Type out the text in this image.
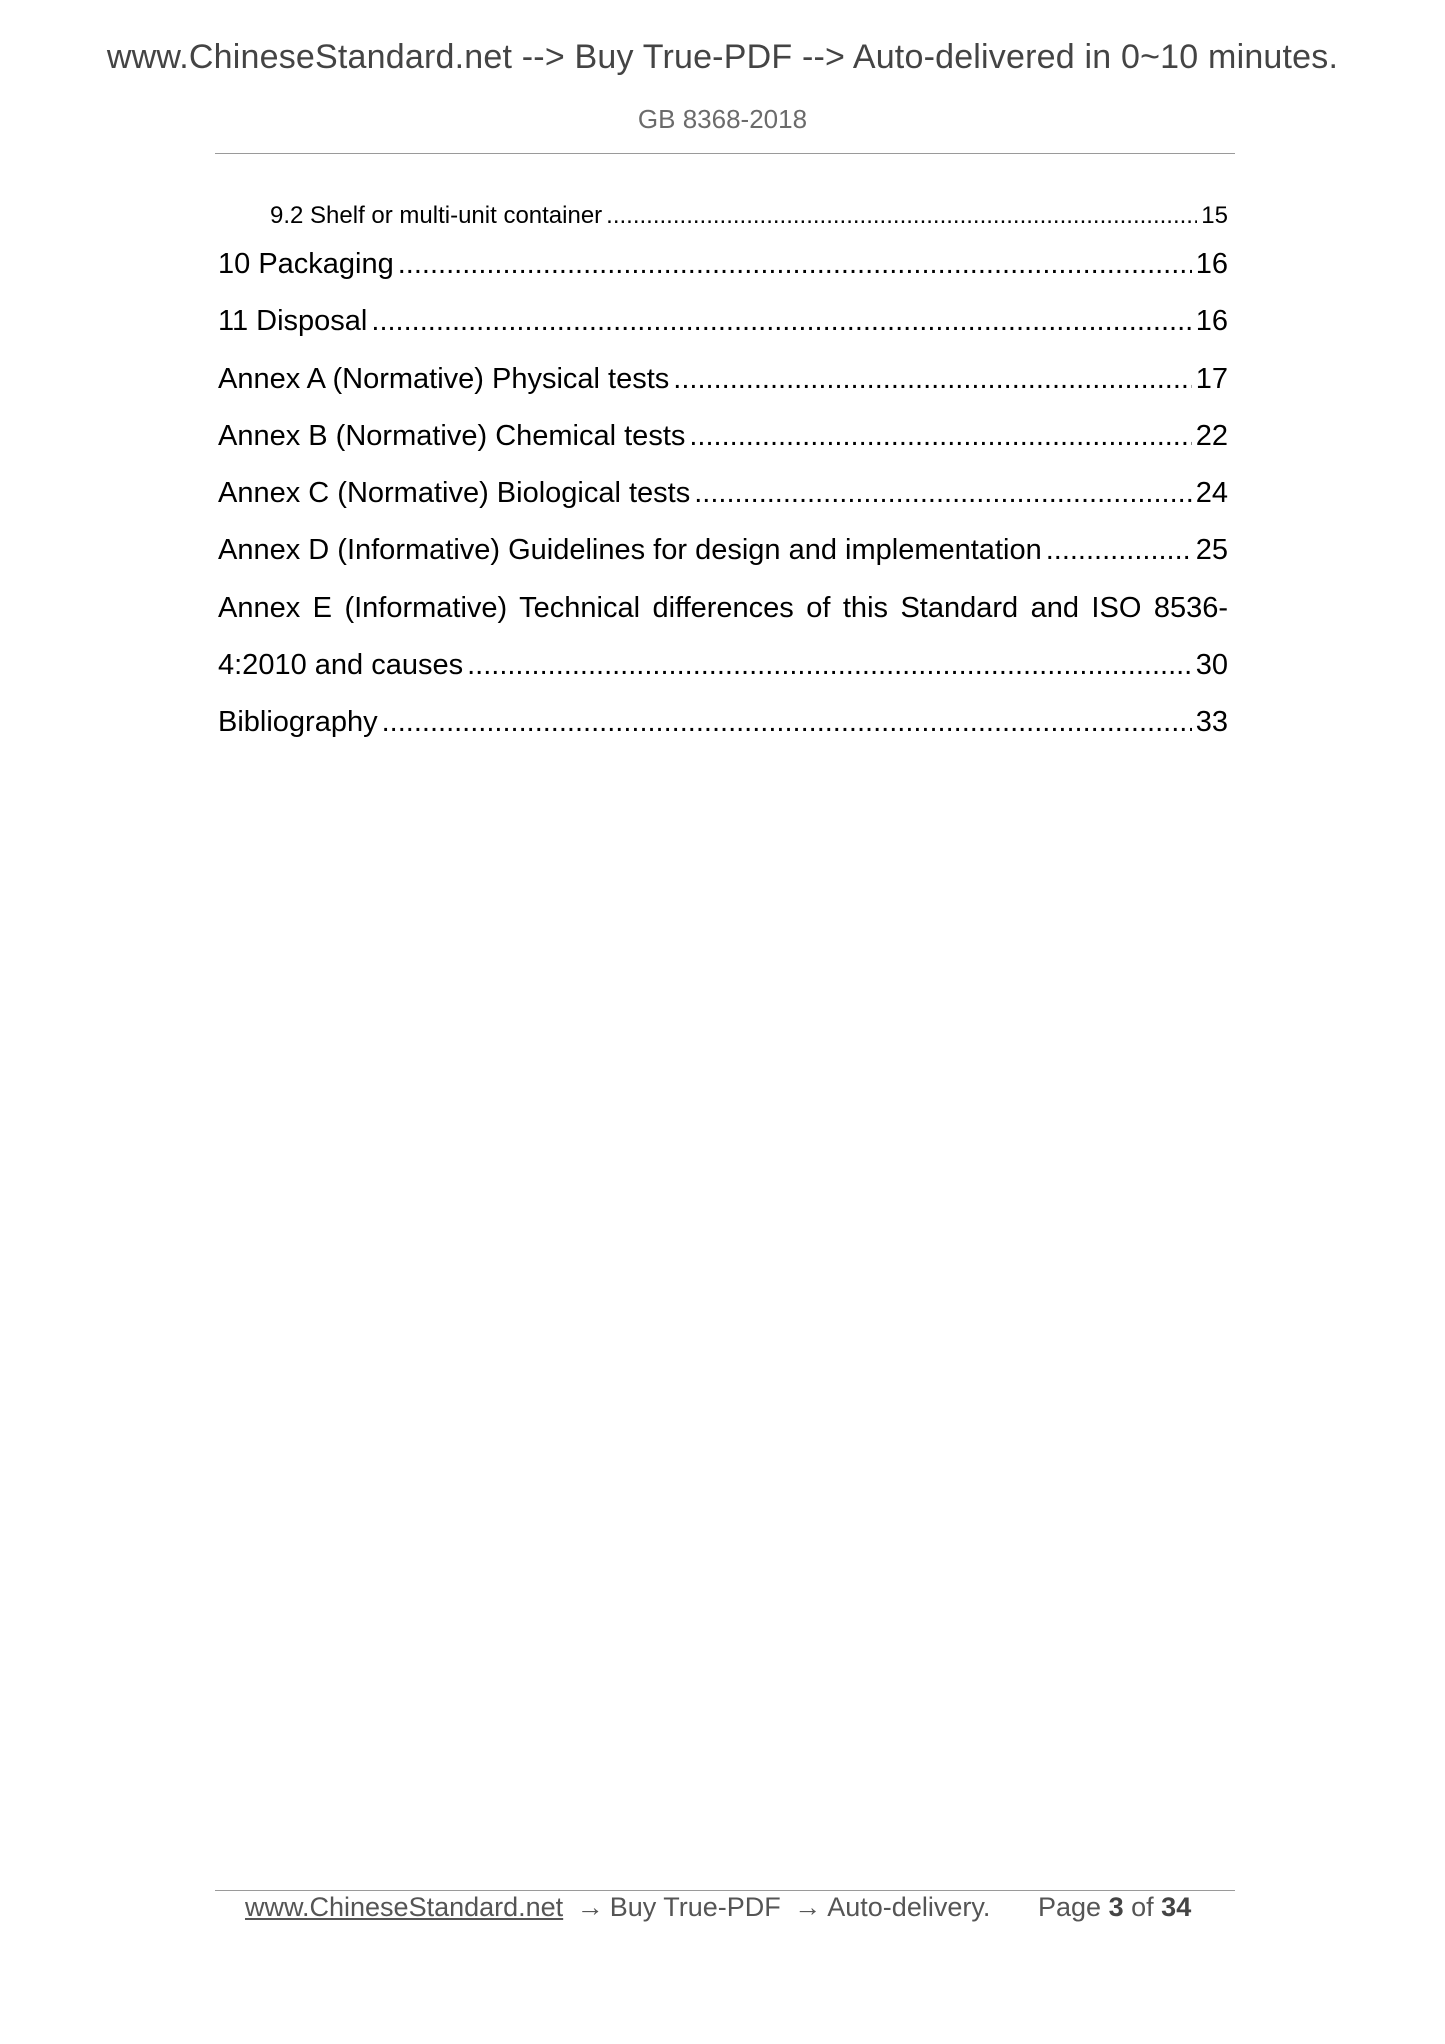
www.ChineseStandard.net --> Buy True-PDF --> Auto-delivered in 0~10 minutes.
GB 8368-2018
9.2 Shelf or multi-unit container .....	15
10 Packaging .....	16
11 Disposal .....	16
Annex A (Normative) Physical tests .....	17
Annex B (Normative) Chemical tests .....	22
Annex C (Normative) Biological tests .....	24
Annex D (Informative) Guidelines for design and implementation .....	25
Annex E (Informative) Technical differences of this Standard and ISO 8536-
4:2010 and causes .....	30
Bibliography .....	33
www.ChineseStandard.net → Buy True-PDF → Auto-delivery. Page 3 of 34
